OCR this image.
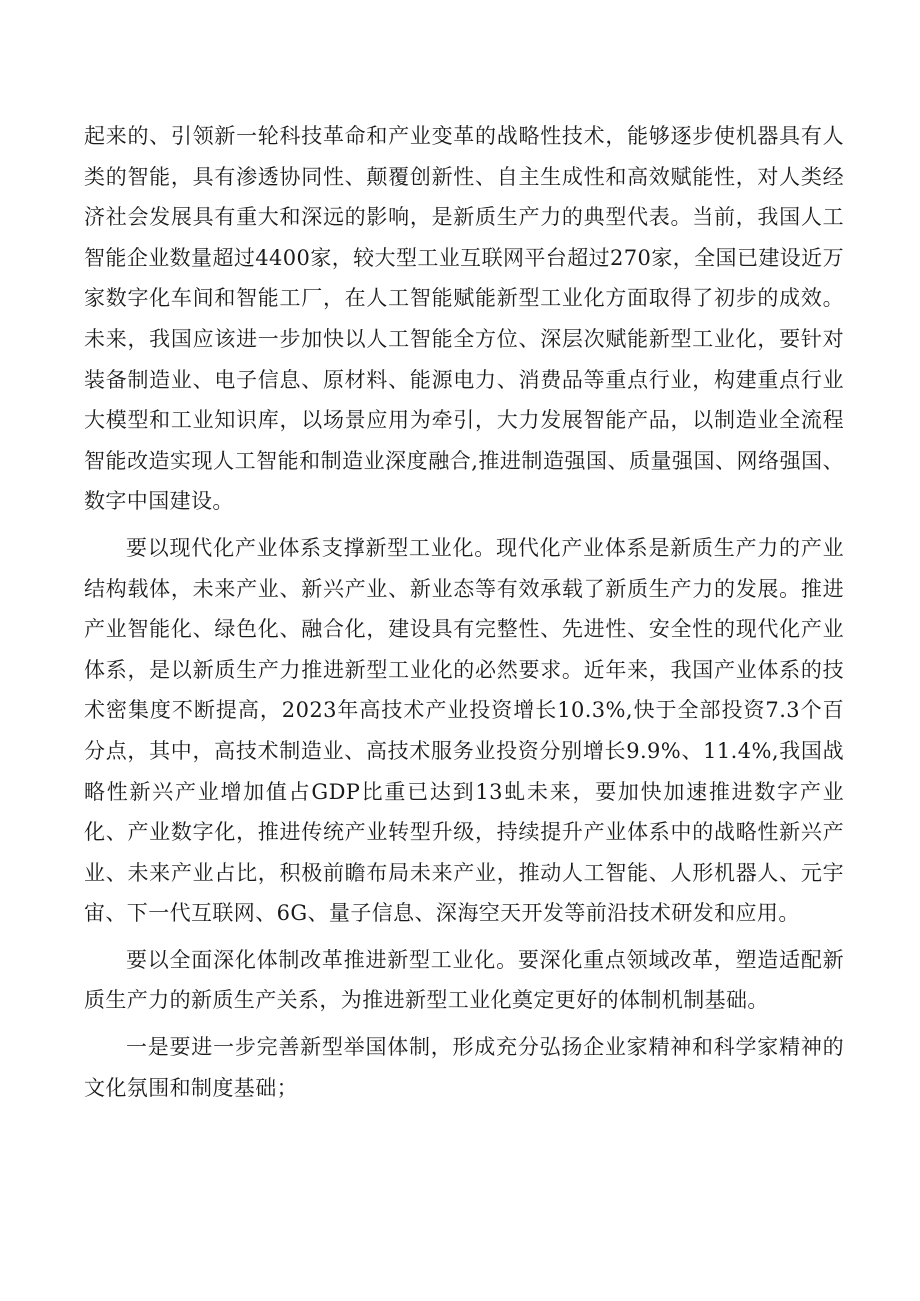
起来的、引领新一轮科技革命和产业变革的战略性技术，能够逐步使机器具有人类的智能，具有渗透协同性、颠覆创新性、自主生成性和高效赋能性，对人类经济社会发展具有重大和深远的影响，是新质生产力的典型代表。当前，我国人工智能企业数量超过4400家，较大型工业互联网平台超过270家，全国已建设近万家数字化车间和智能工厂，在人工智能赋能新型工业化方面取得了初步的成效。未来，我国应该进一步加快以人工智能全方位、深层次赋能新型工业化，要针对装备制造业、电子信息、原材料、能源电力、消费品等重点行业，构建重点行业大模型和工业知识库，以场景应用为牵引，大力发展智能产品，以制造业全流程智能改造实现人工智能和制造业深度融合,推进制造强国、质量强国、网络强国、数字中国建设。

要以现代化产业体系支撑新型工业化。现代化产业体系是新质生产力的产业结构载体，未来产业、新兴产业、新业态等有效承载了新质生产力的发展。推进产业智能化、绿色化、融合化，建设具有完整性、先进性、安全性的现代化产业体系，是以新质生产力推进新型工业化的必然要求。近年来，我国产业体系的技术密集度不断提高，2023年高技术产业投资增长10.3%,快于全部投资7.3个百分点，其中，高技术制造业、高技术服务业投资分别增长9.9%、11.4%,我国战略性新兴产业增加值占GDP比重已达到13虬未来，要加快加速推进数字产业化、产业数字化，推进传统产业转型升级，持续提升产业体系中的战略性新兴产业、未来产业占比，积极前瞻布局未来产业，推动人工智能、人形机器人、元宇宙、下一代互联网、6G、量子信息、深海空天开发等前沿技术研发和应用。

要以全面深化体制改革推进新型工业化。要深化重点领域改革，塑造适配新质生产力的新质生产关系，为推进新型工业化奠定更好的体制机制基础。

一是要进一步完善新型举国体制，形成充分弘扬企业家精神和科学家精神的文化氛围和制度基础；
